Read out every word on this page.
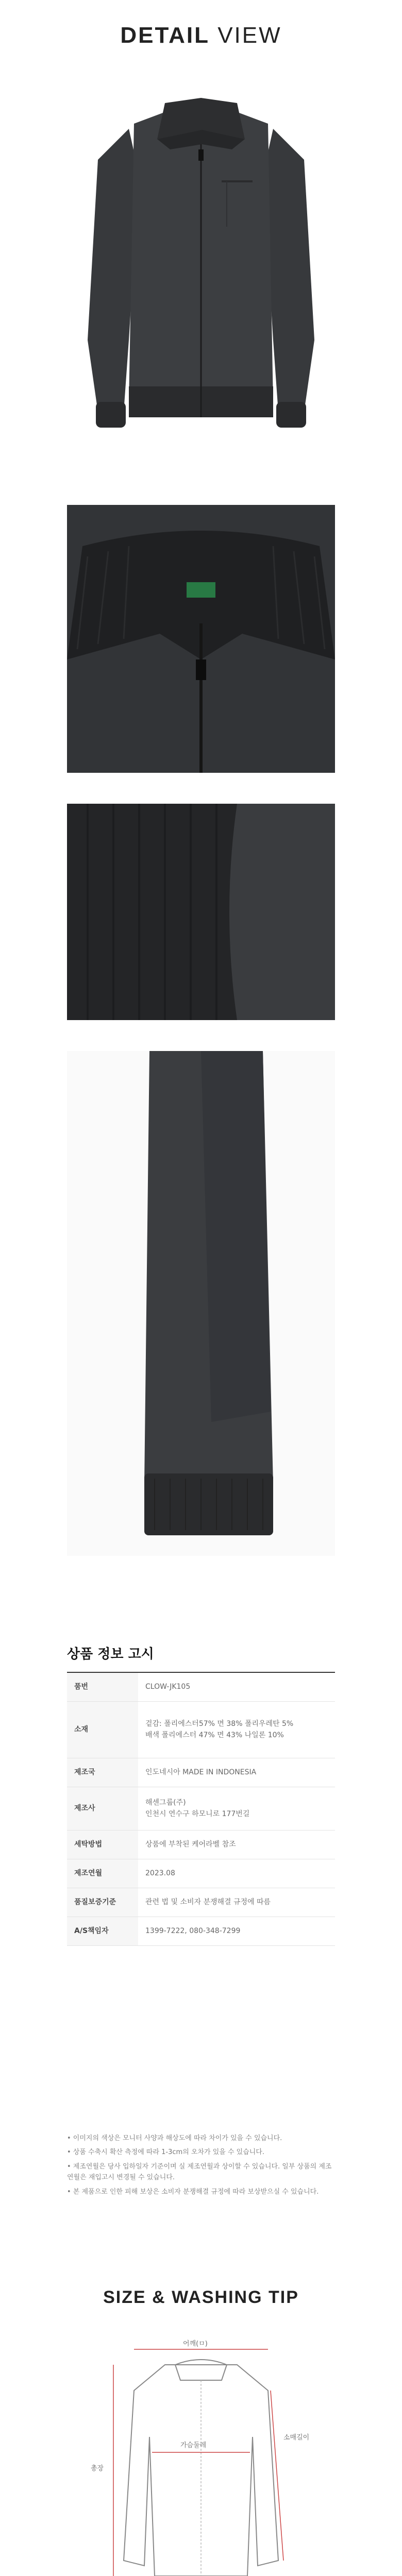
DETAIL VIEW
상품 정보 고시
품번	CLOW-JK105
소재	겉감: 폴리에스터57% 면 38% 폴리우레탄 5%
배색 폴리에스터 47% 면 43% 나일론 10%
제조국	인도네시아 MADE IN INDONESIA
제조사	해센그룹(주)
인천시 연수구 하모니로 177번길
세탁방법	상품에 부착된 케어라벨 참조
제조연월	2023.08
품질보증기준	관련 법 및 소비자 분쟁해결 규정에 따름
A/S책임자	1399-7222, 080-348-7299
• 이미지의 색상은 모니터 사양과 해상도에 따라 차이가 있을 수 있습니다.
• 상품 수축시 확산 측정에 따라 1-3cm의 오차가 있을 수 있습니다.
• 제조연월은 당사 입하일자 기준이며 실 제조연월과 상이할 수 있습니다. 일부 상품의 제조연월은 재입고시 변경될 수 있습니다.
• 본 제품으로 인한 피해 보상은 소비자 분쟁해결 규정에 따라 보상받으실 수 있습니다.
SIZE & WASHING TIP
어깨(ㅁ)
총장
가슴둘레
소매길이
